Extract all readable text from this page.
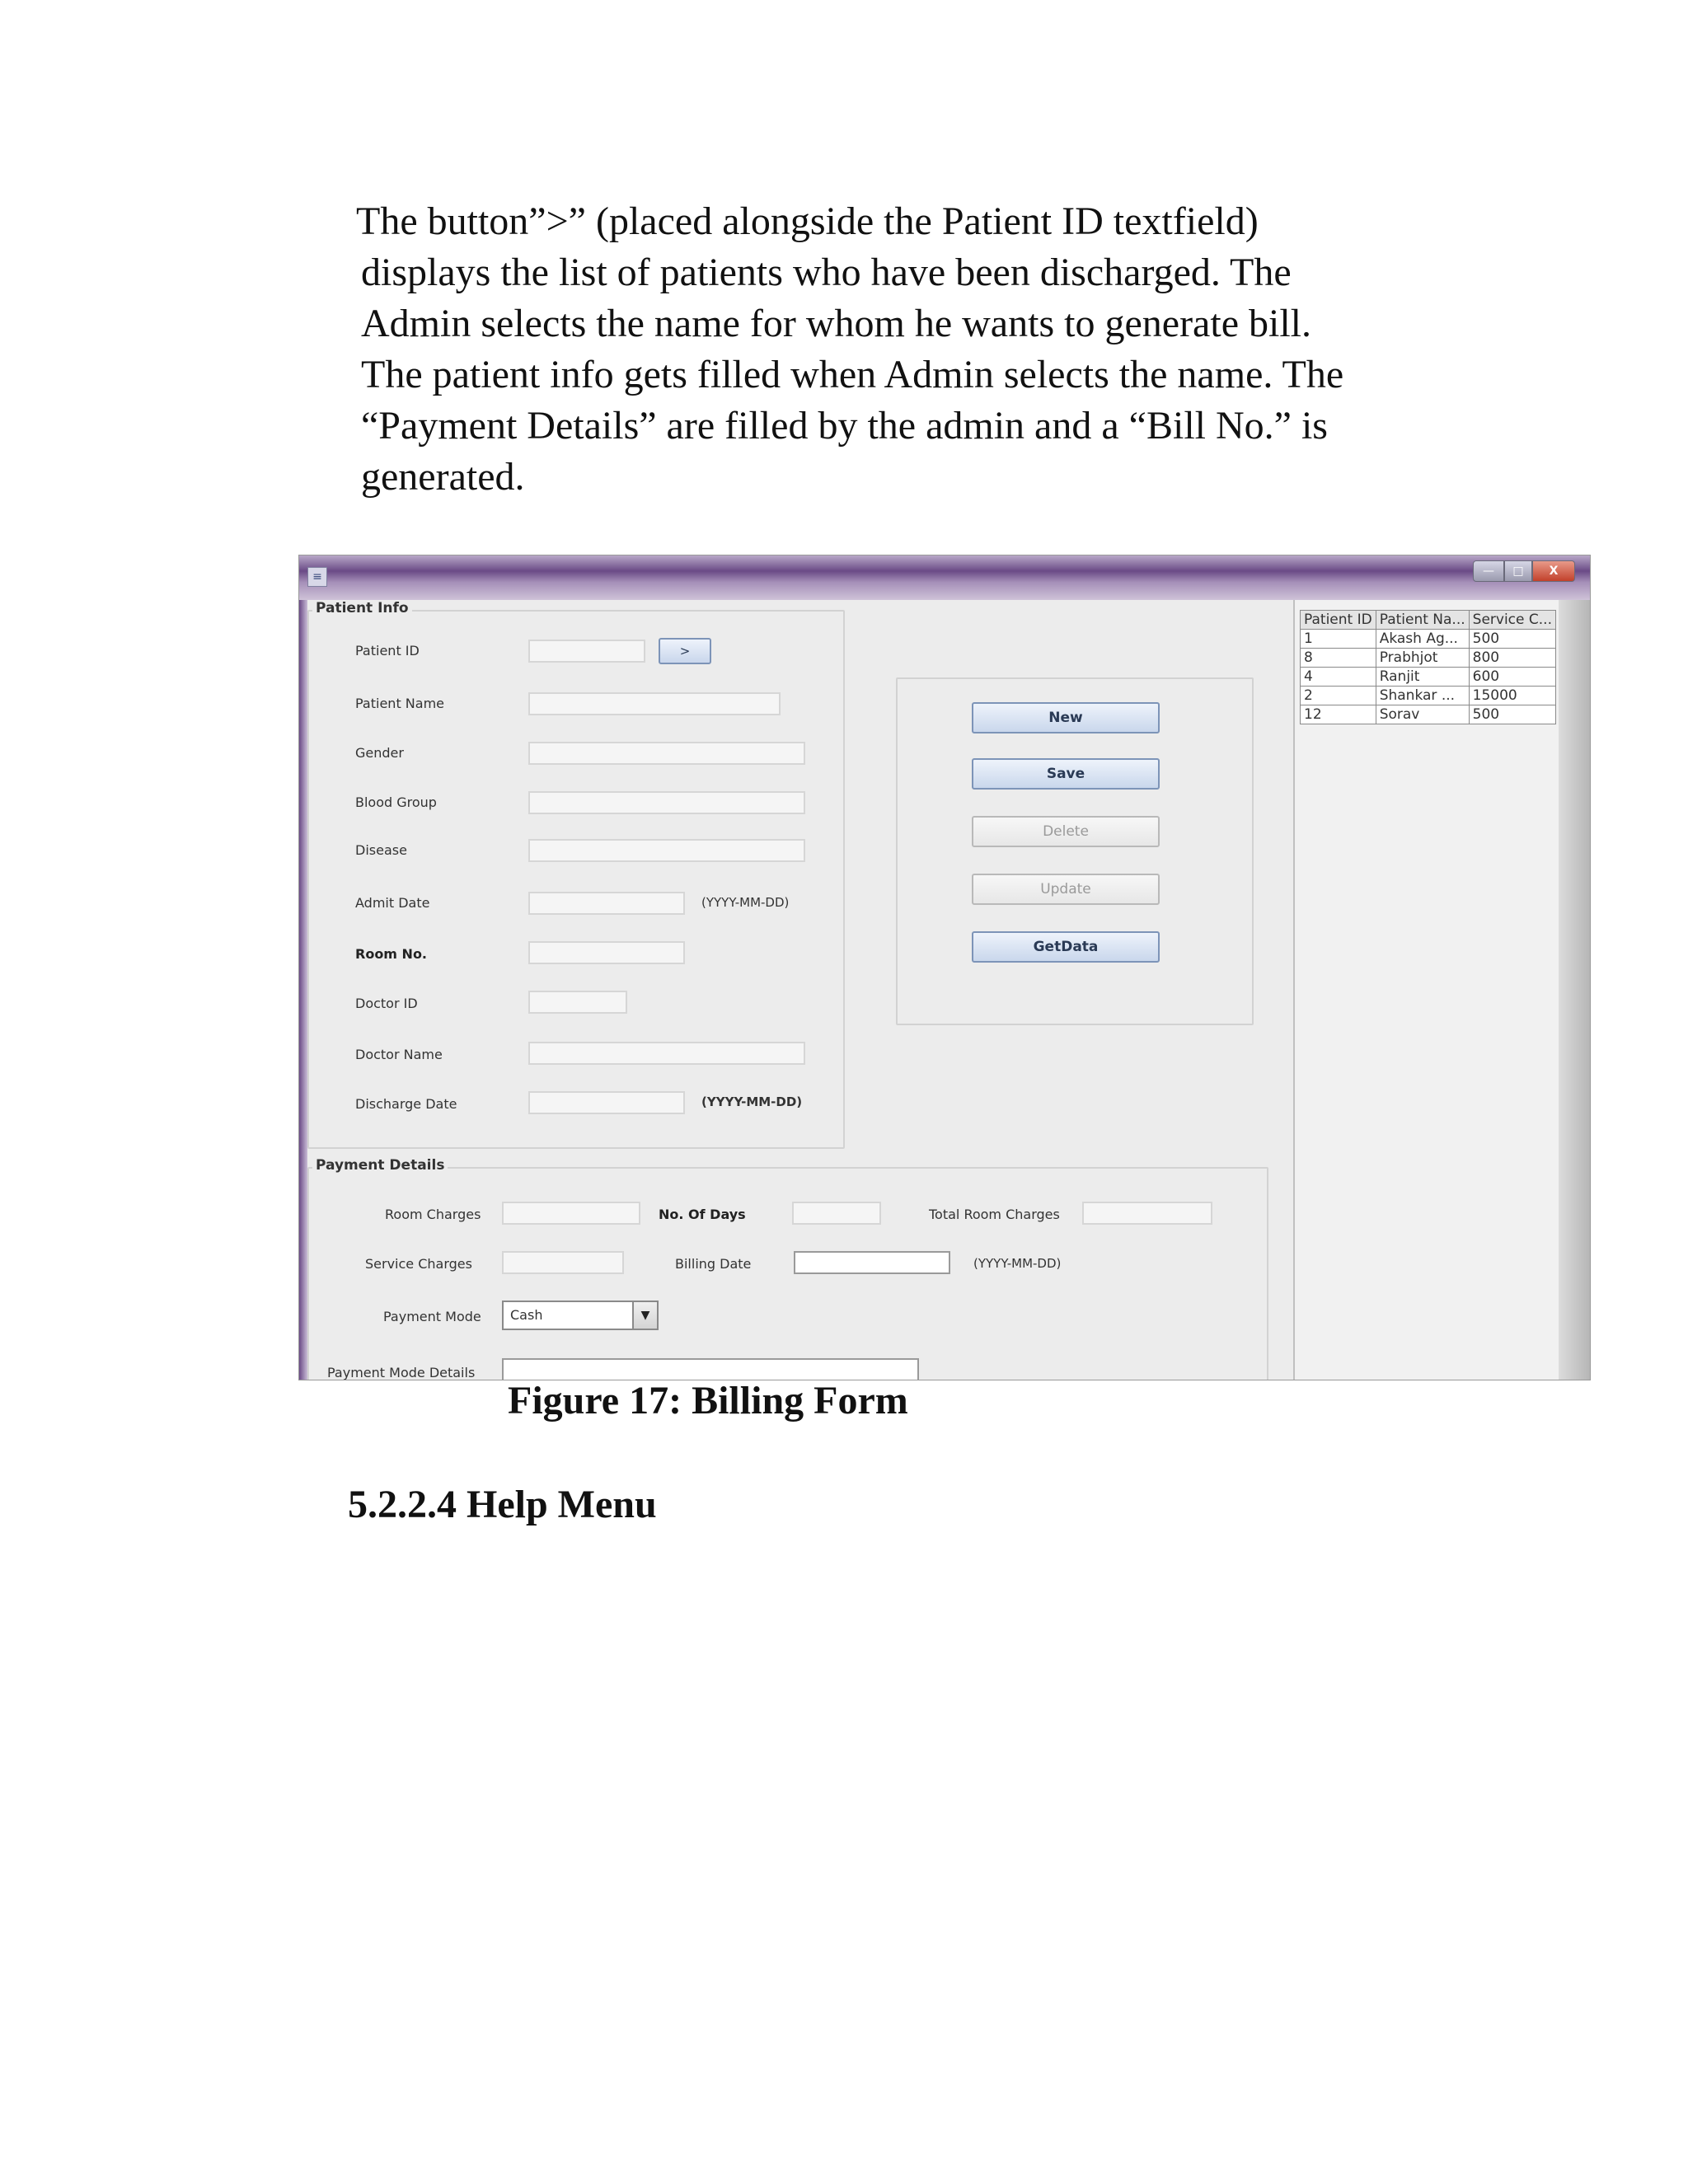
The button”>” (placed alongside the Patient ID textfield)
displays the list of patients who have been discharged. The
Admin selects the name for whom he wants to generate bill.
The patient info gets filled when Admin selects the name. The
“Payment Details” are filled by the admin and a “Bill No.” is
generated.
≡	—	□	X
Patient Info
Patient ID	>
Patient Name
Gender
Blood Group
Disease
Admit Date	(YYYY-MM-DD)
Room No.
Doctor ID
Doctor Name
Discharge Date	(YYYY-MM-DD)
New
Save
Delete
Update
GetData
Payment Details
Room Charges	No. Of Days	Total Room Charges
Service Charges	Billing Date	(YYYY-MM-DD)
Payment Mode Cash	▼
Payment Mode Details
Patient ID	Patient Na...	Service C...
1	Akash Ag...	500
8	Prabhjot	800
4	Ranjit	600
2	Shankar ...	15000
12	Sorav	500
Figure 17: Billing Form
5.2.2.4 Help Menu
